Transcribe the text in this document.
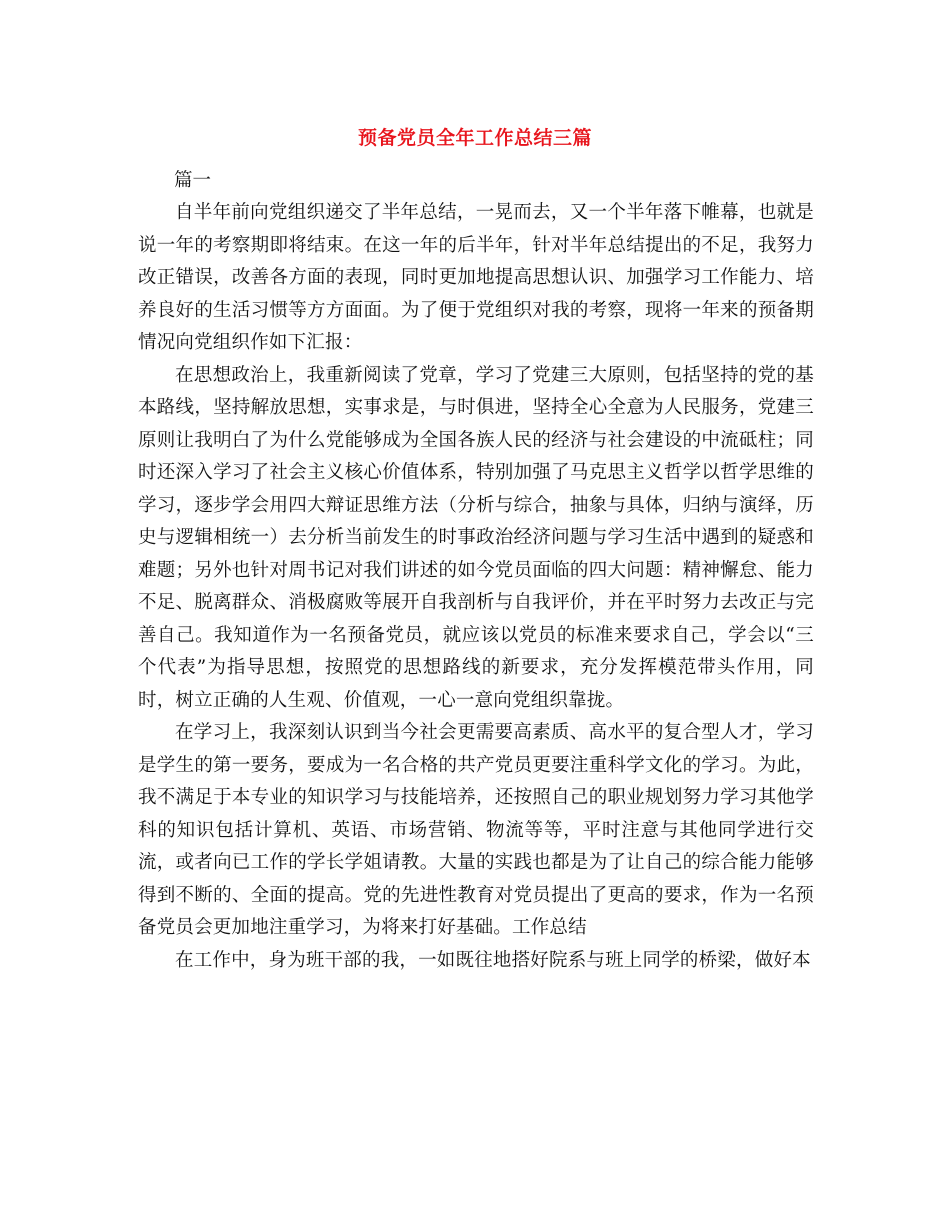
预备党员全年工作总结三篇

篇一

自半年前向党组织递交了半年总结，一晃而去，又一个半年落下帷幕，也就是说一年的考察期即将结束。在这一年的后半年，针对半年总结提出的不足，我努力改正错误，改善各方面的表现，同时更加地提高思想认识、加强学习工作能力、培养良好的生活习惯等方方面面。为了便于党组织对我的考察，现将一年来的预备期情况向党组织作如下汇报：

在思想政治上，我重新阅读了党章，学习了党建三大原则，包括坚持的党的基本路线，坚持解放思想，实事求是，与时俱进，坚持全心全意为人民服务，党建三原则让我明白了为什么党能够成为全国各族人民的经济与社会建设的中流砥柱；同时还深入学习了社会主义核心价值体系，特别加强了马克思主义哲学以哲学思维的学习，逐步学会用四大辩证思维方法（分析与综合，抽象与具体，归纳与演绎，历史与逻辑相统一）去分析当前发生的时事政治经济问题与学习生活中遇到的疑惑和难题；另外也针对周书记对我们讲述的如今党员面临的四大问题：精神懈怠、能力不足、脱离群众、消极腐败等展开自我剖析与自我评价，并在平时努力去改正与完善自己。我知道作为一名预备党员，就应该以党员的标准来要求自己，学会以“三个代表”为指导思想，按照党的思想路线的新要求，充分发挥模范带头作用，同时，树立正确的人生观、价值观，一心一意向党组织靠拢。

在学习上，我深刻认识到当今社会更需要高素质、高水平的复合型人才，学习是学生的第一要务，要成为一名合格的共产党员更要注重科学文化的学习。为此，我不满足于本专业的知识学习与技能培养，还按照自己的职业规划努力学习其他学科的知识包括计算机、英语、市场营销、物流等等，平时注意与其他同学进行交流，或者向已工作的学长学姐请教。大量的实践也都是为了让自己的综合能力能够得到不断的、全面的提高。党的先进性教育对党员提出了更高的要求，作为一名预备党员会更加地注重学习，为将来打好基础。工作总结

在工作中，身为班干部的我，一如既往地搭好院系与班上同学的桥梁，做好本
